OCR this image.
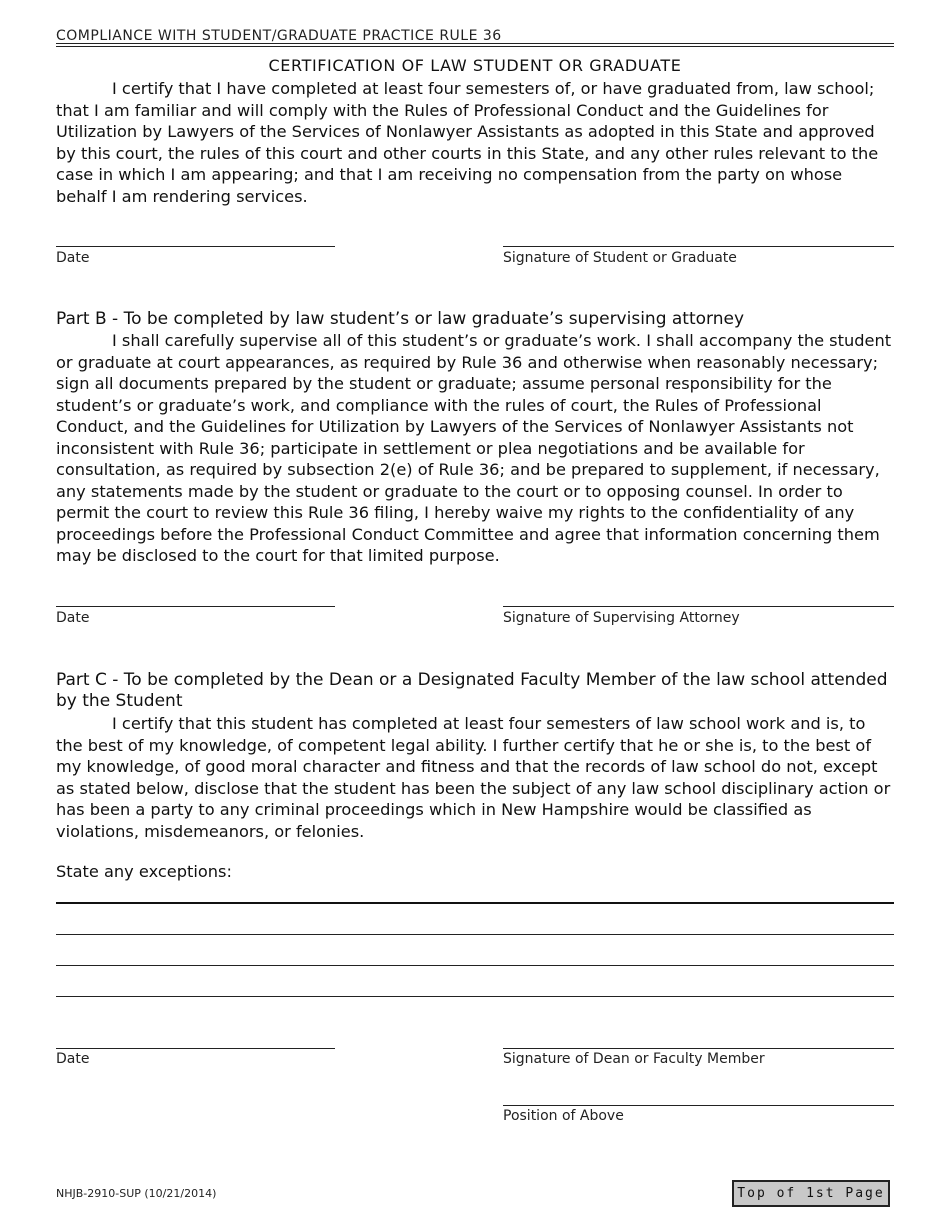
COMPLIANCE WITH STUDENT/GRADUATE PRACTICE RULE 36
CERTIFICATION OF LAW STUDENT OR GRADUATE
I certify that I have completed at least four semesters of, or have graduated from, law school; that I am familiar and will comply with the Rules of Professional Conduct and the Guidelines for Utilization by Lawyers of the Services of Nonlawyer Assistants as adopted in this State and approved by this court, the rules of this court and other courts in this State, and any other rules relevant to the case in which I am appearing; and that I am receiving no compensation from the party on whose behalf I am rendering services.
Date	Signature of Student or Graduate
Part B - To be completed by law student’s or law graduate’s supervising attorney
I shall carefully supervise all of this student’s or graduate’s work. I shall accompany the student or graduate at court appearances, as required by Rule 36 and otherwise when reasonably necessary; sign all documents prepared by the student or graduate; assume personal responsibility for the student’s or graduate’s work, and compliance with the rules of court, the Rules of Professional Conduct, and the Guidelines for Utilization by Lawyers of the Services of Nonlawyer Assistants not inconsistent with Rule 36; participate in settlement or plea negotiations and be available for consultation, as required by subsection 2(e) of Rule 36; and be prepared to supplement, if necessary, any statements made by the student or graduate to the court or to opposing counsel. In order to permit the court to review this Rule 36 filing, I hereby waive my rights to the confidentiality of any proceedings before the Professional Conduct Committee and agree that information concerning them may be disclosed to the court for that limited purpose.
Date	Signature of Supervising Attorney
Part C - To be completed by the Dean or a Designated Faculty Member of the law school attended by the Student
I certify that this student has completed at least four semesters of law school work and is, to the best of my knowledge, of competent legal ability. I further certify that he or she is, to the best of my knowledge, of good moral character and fitness and that the records of law school do not, except as stated below, disclose that the student has been the subject of any law school disciplinary action or has been a party to any criminal proceedings which in New Hampshire would be classified as violations, misdemeanors, or felonies.
State any exceptions:
Date	Signature of Dean or Faculty Member
Position of Above
NHJB-2910-SUP (10/21/2014)	Top of 1st Page
